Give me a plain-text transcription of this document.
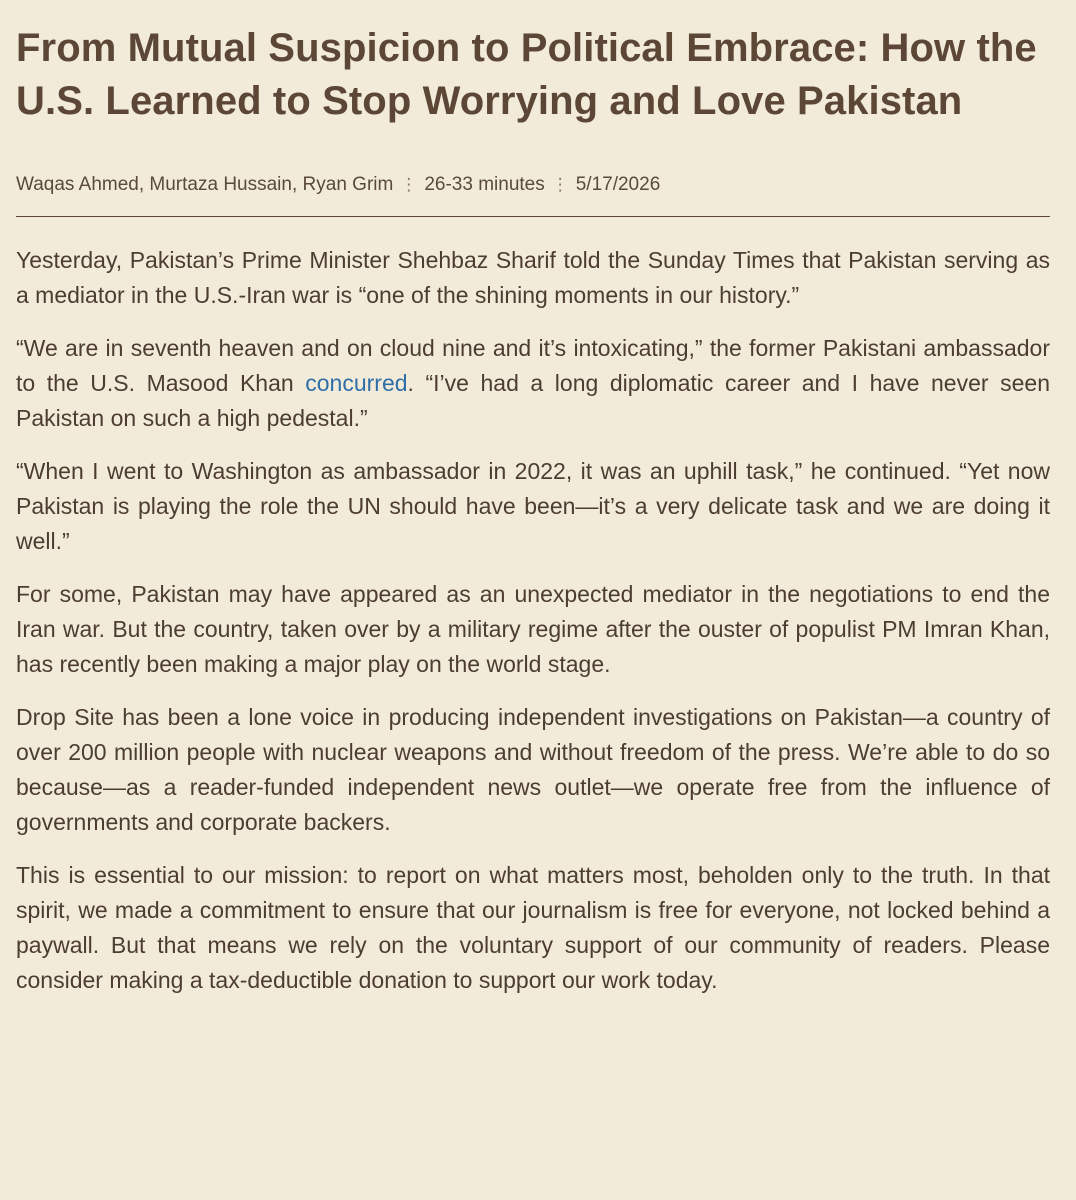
From Mutual Suspicion to Political Embrace: How the U.S. Learned to Stop Worrying and Love Pakistan
Waqas Ahmed, Murtaza Hussain, Ryan Grim ⋮ 26-33 minutes ⋮ 5/17/2026

Yesterday, Pakistan’s Prime Minister Shehbaz Sharif told the Sunday Times that Pakistan serving as a mediator in the U.S.-Iran war is “one of the shining moments in our history.”

“We are in seventh heaven and on cloud nine and it’s intoxicating,” the former Pakistani ambassador to the U.S. Masood Khan concurred. “I’ve had a long diplomatic career and I have never seen Pakistan on such a high pedestal.”

“When I went to Washington as ambassador in 2022, it was an uphill task,” he continued. “Yet now Pakistan is playing the role the UN should have been—it’s a very delicate task and we are doing it well.”

For some, Pakistan may have appeared as an unexpected mediator in the negotiations to end the Iran war. But the country, taken over by a military regime after the ouster of populist PM Imran Khan, has recently been making a major play on the world stage.

Drop Site has been a lone voice in producing independent investigations on Pakistan—a country of over 200 million people with nuclear weapons and without freedom of the press. We’re able to do so because—as a reader-funded independent news outlet—we operate free from the influence of governments and corporate backers.

This is essential to our mission: to report on what matters most, beholden only to the truth. In that spirit, we made a commitment to ensure that our journalism is free for everyone, not locked behind a paywall. But that means we rely on the voluntary support of our community of readers. Please consider making a tax-deductible donation to support our work today.
